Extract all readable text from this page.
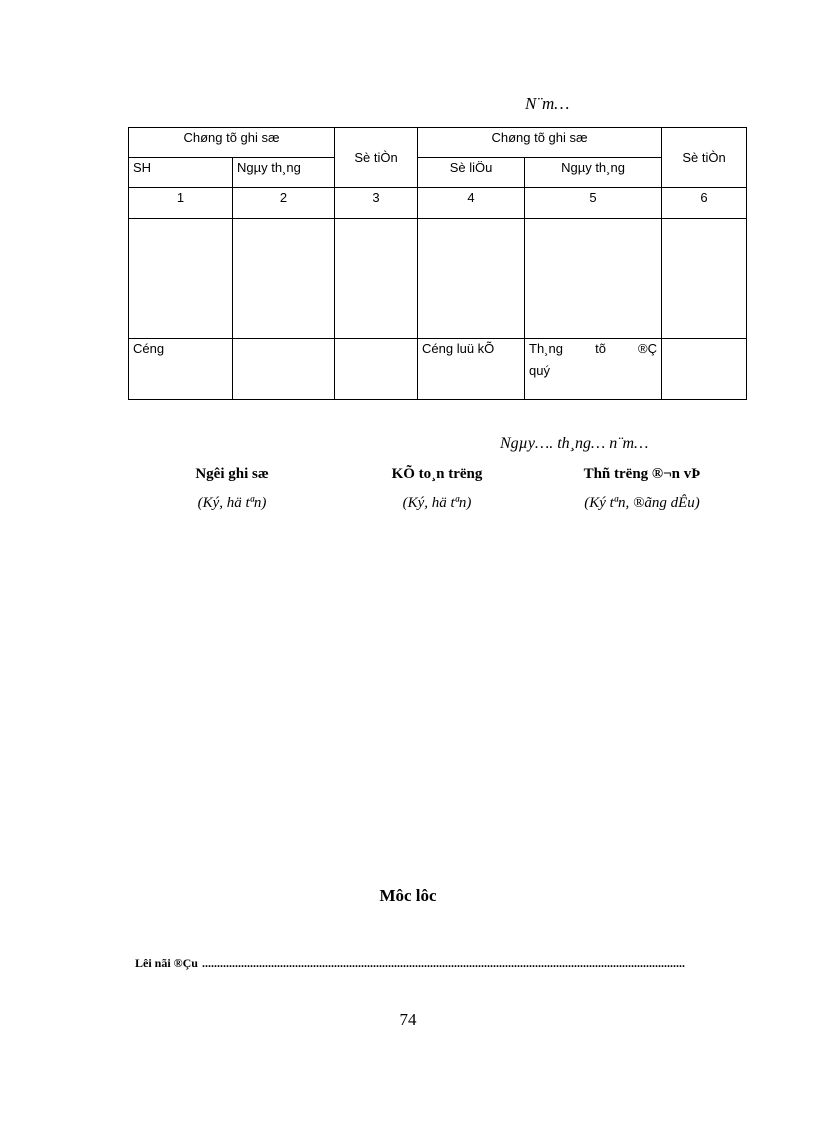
N¨m…
Chøng tõ ghi sæ		Sè tiÒn	Chøng tõ ghi sæ		Sè tiÒn
SH	Ngµy th¸ng		Sè liÖu	Ngµy th¸ng	
1	2	3	4	5	6

Céng			Céng luü kÕ	Th¸ng tõ ®Ç
quý	

Ngµy…. th¸ng… n¨m…
Ngêi ghi sæ
(Ký, hä tªn)
KÕ to¸n trëng
(Ký, hä tªn)
Thñ trëng ®¬n vÞ
(Ký tªn, ®ãng dÊu)
Môc lôc
Lêi nãi ®Çu .................................................................................................................................................................
74
